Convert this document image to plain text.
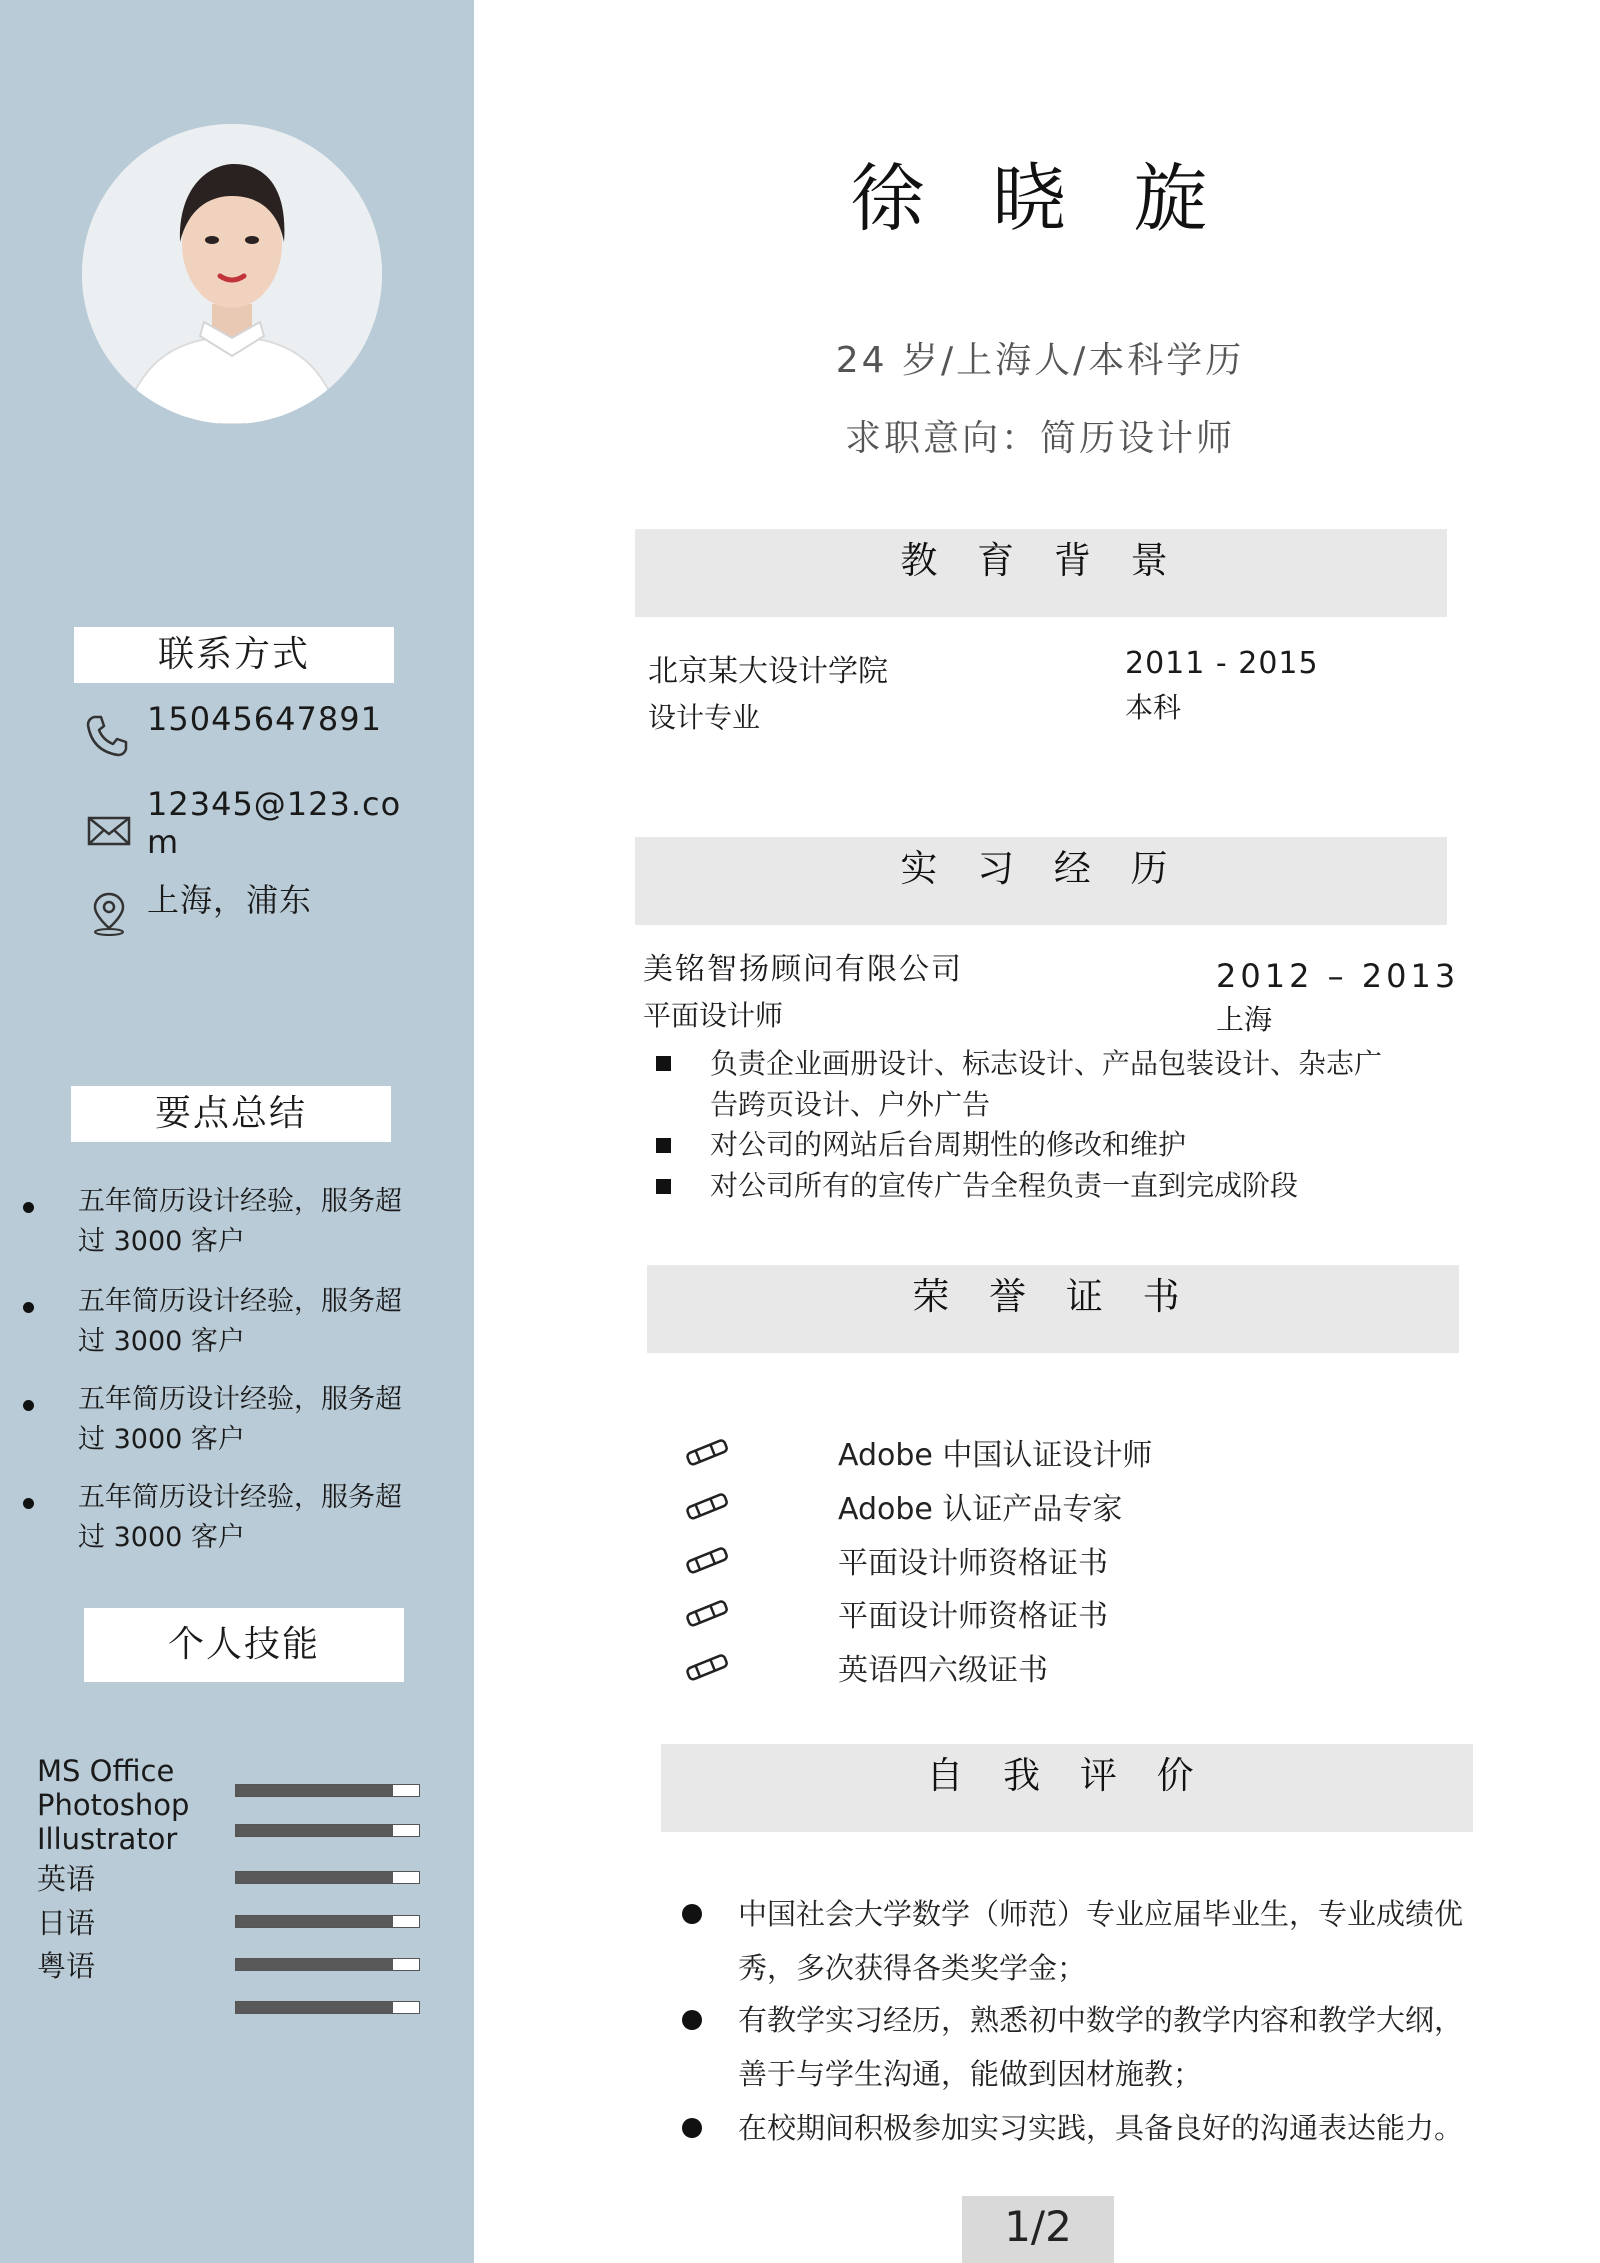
联系方式
15045647891
12345@123.co
m
上海，浦东
要点总结
五年简历设计经验，服务超
过 3000 客户
五年简历设计经验，服务超
过 3000 客户
五年简历设计经验，服务超
过 3000 客户
五年简历设计经验，服务超
过 3000 客户
个人技能
MS Office
Photoshop
Illustrator
英语
日语
粤语
徐 晓 旋
24 岁/上海人/本科学历
求职意向：简历设计师
教 育 背 景
北京某大设计学院
设计专业
2011 - 2015
本科
实 习 经 历
美铭智扬顾问有限公司
平面设计师
2012 – 2013
上海
负责企业画册设计、标志设计、产品包装设计、杂志广
告跨页设计、户外广告
对公司的网站后台周期性的修改和维护
对公司所有的宣传广告全程负责一直到完成阶段
荣 誉 证 书
Adobe 中国认证设计师
Adobe 认证产品专家
平面设计师资格证书
平面设计师资格证书
英语四六级证书
自 我 评 价
中国社会大学数学（师范）专业应届毕业生，专业成绩优
秀，多次获得各类奖学金；
有教学实习经历，熟悉初中数学的教学内容和教学大纲，
善于与学生沟通，能做到因材施教；
在校期间积极参加实习实践，具备良好的沟通表达能力。
1/2
